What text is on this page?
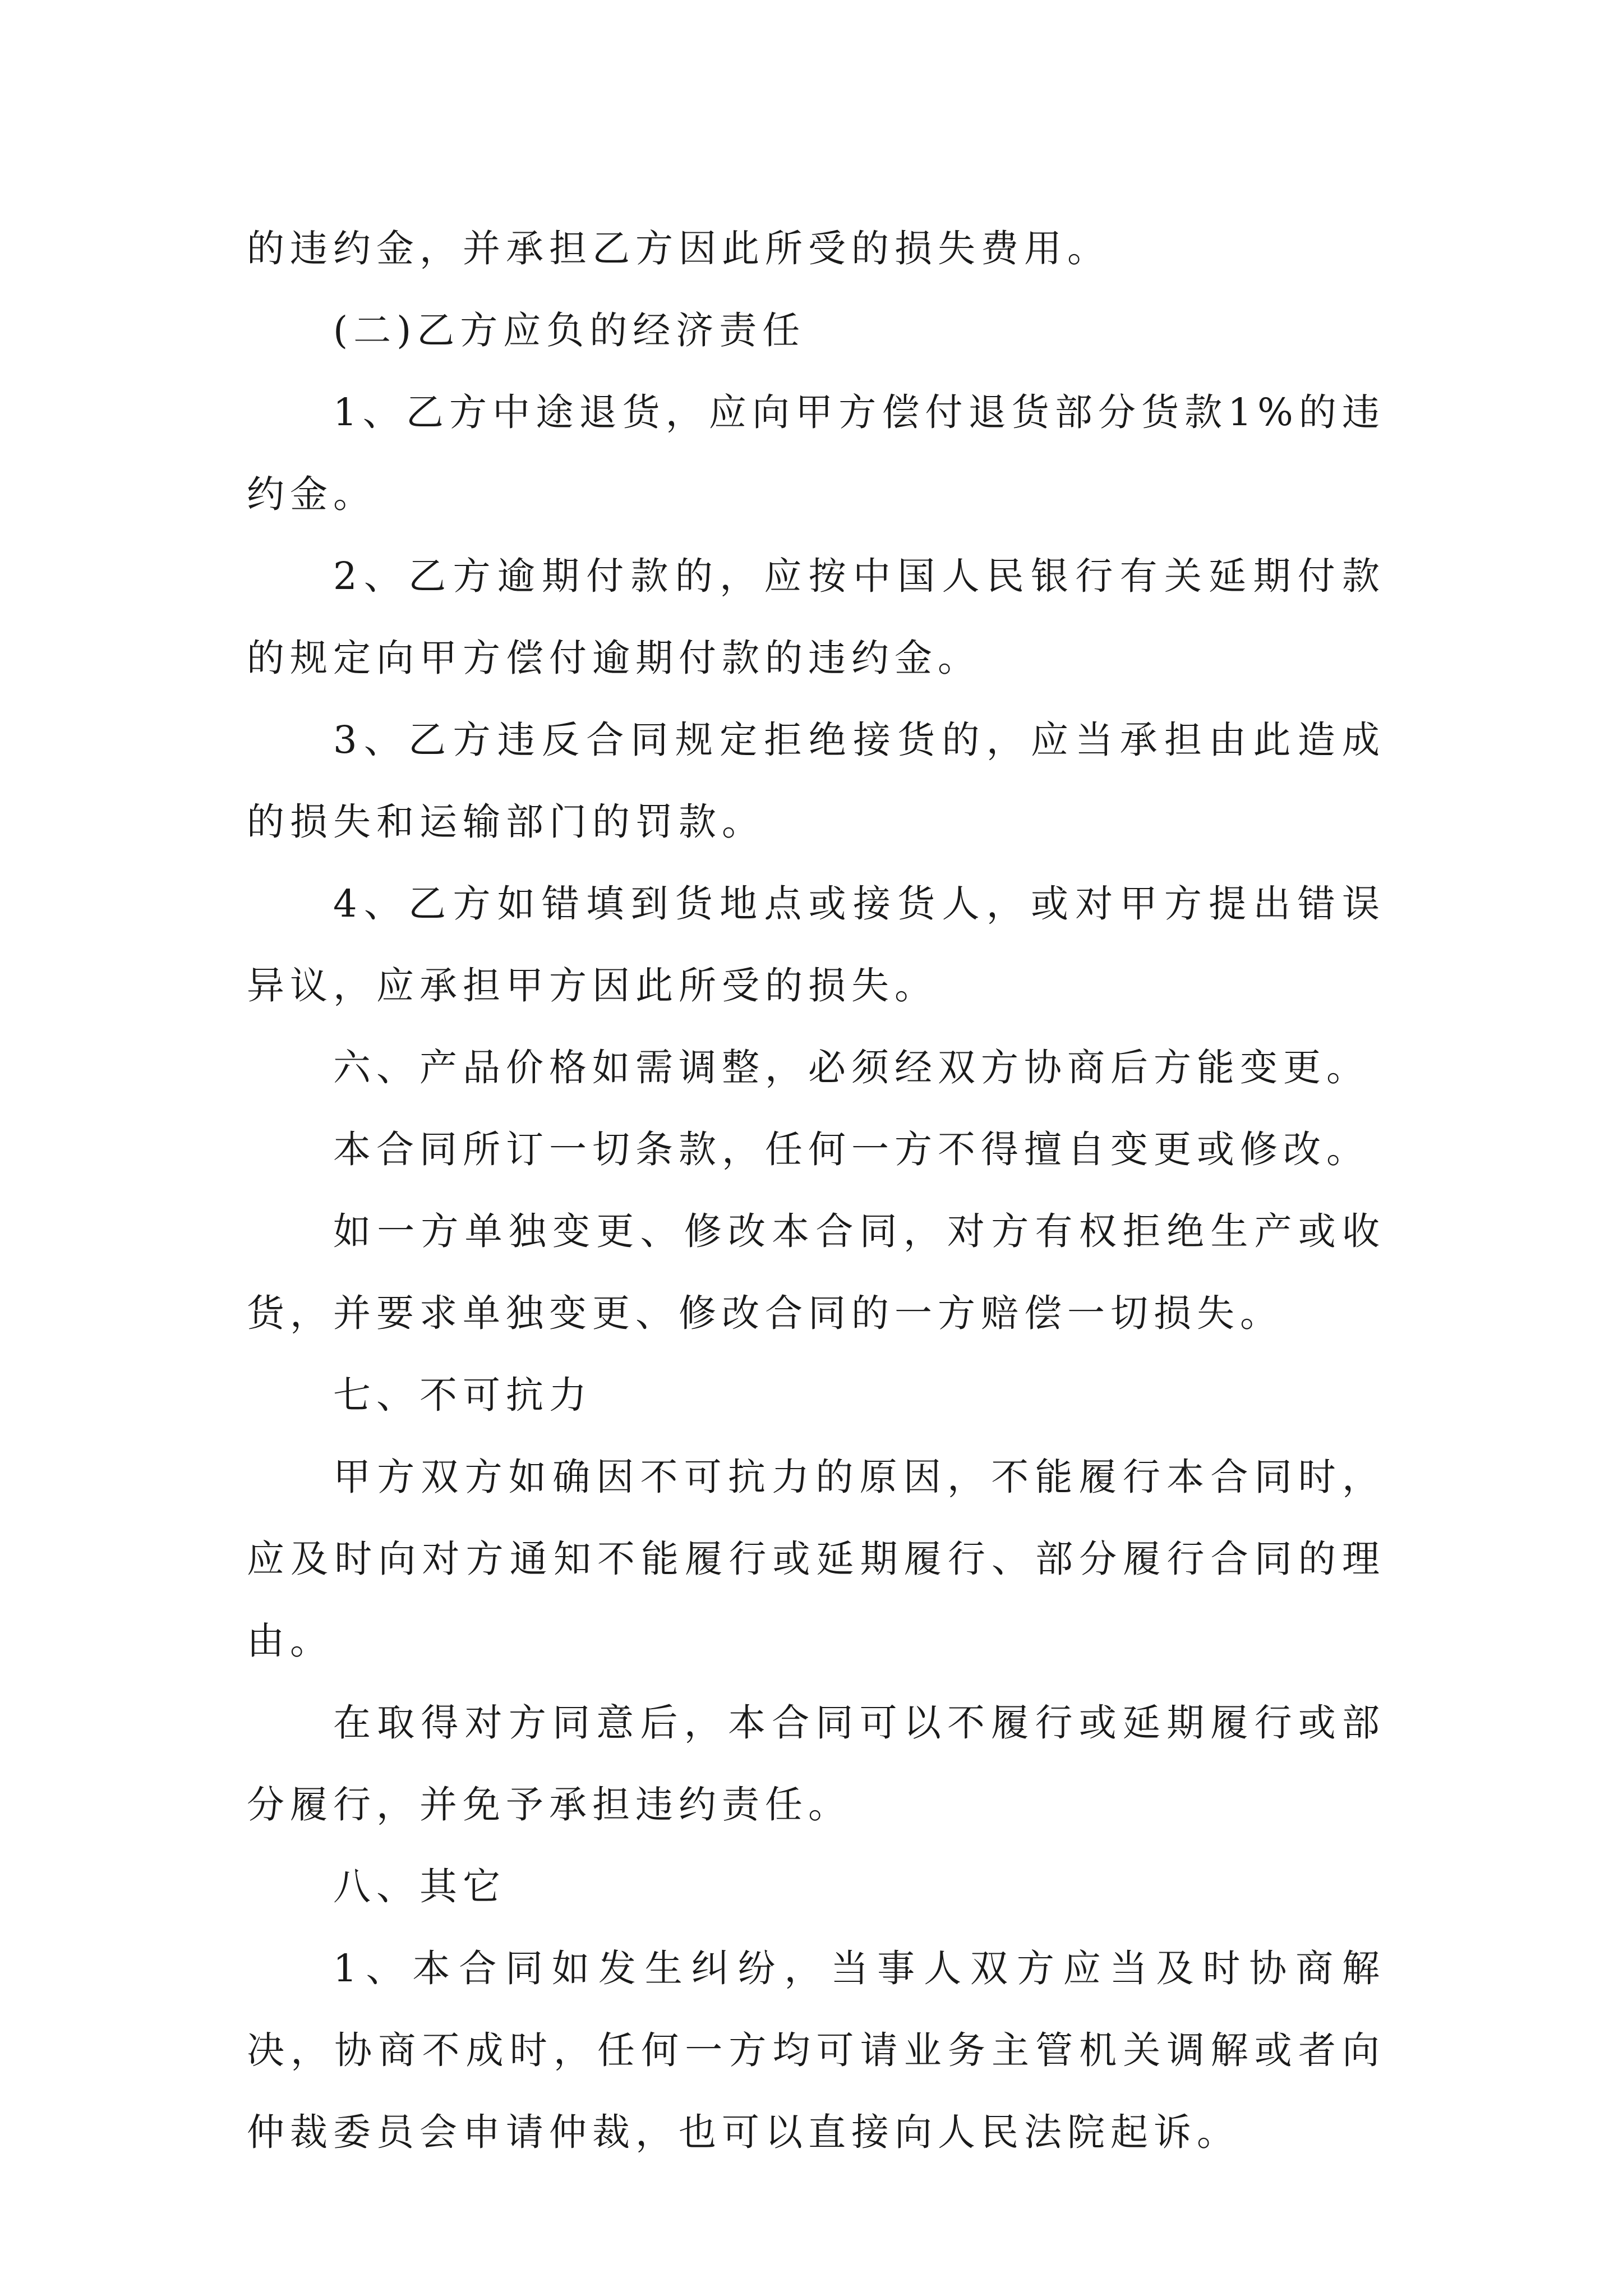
的违约金，并承担乙方因此所受的损失费用。

(二)乙方应负的经济责任

1、乙方中途退货，应向甲方偿付退货部分货款1%的违约金。

2、乙方逾期付款的，应按中国人民银行有关延期付款的规定向甲方偿付逾期付款的违约金。

3、乙方违反合同规定拒绝接货的，应当承担由此造成的损失和运输部门的罚款。

4、乙方如错填到货地点或接货人，或对甲方提出错误异议，应承担甲方因此所受的损失。

六、产品价格如需调整，必须经双方协商后方能变更。

本合同所订一切条款，任何一方不得擅自变更或修改。

如一方单独变更、修改本合同，对方有权拒绝生产或收货，并要求单独变更、修改合同的一方赔偿一切损失。

七、不可抗力

甲方双方如确因不可抗力的原因，不能履行本合同时，应及时向对方通知不能履行或延期履行、部分履行合同的理由。

在取得对方同意后，本合同可以不履行或延期履行或部分履行，并免予承担违约责任。

八、其它

1、本合同如发生纠纷，当事人双方应当及时协商解决，协商不成时，任何一方均可请业务主管机关调解或者向仲裁委员会申请仲裁，也可以直接向人民法院起诉。
